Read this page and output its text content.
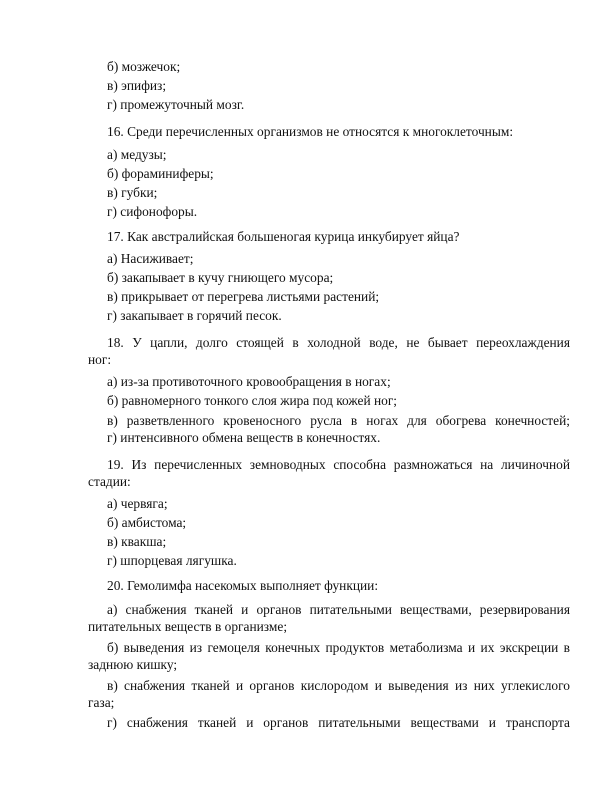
б) мозжечок;

в) эпифиз;

г) промежуточный мозг.

16. Среди перечисленных организмов не относятся к многоклеточным:

а) медузы;

б) фораминиферы;

в) губки;

г) сифонофоры.

17. Как австралийская большеногая курица инкубирует яйца?

а) Насиживает;

б) закапывает в кучу гниющего мусора;

в) прикрывает от перегрева листьями растений;

г) закапывает в горячий песок.

18. У цапли, долго стоящей в холодной воде, не бывает переохлаждения

ног:

а) из-за противоточного кровообращения в ногах;

б) равномерного тонкого слоя жира под кожей ног;

в) разветвленного кровеносного русла в ногах для обогрева конечностей;

г) интенсивного обмена веществ в конечностях.

19. Из перечисленных земноводных способна размножаться на личиночной

стадии:

а) червяга;

б) амбистома;

в) квакша;

г) шпорцевая лягушка.

20. Гемолимфа насекомых выполняет функции:

а) снабжения тканей и органов питательными веществами, резервирования

питательных веществ в организме;

б) выведения из гемоцеля конечных продуктов метаболизма и их экскреции в

заднюю кишку;

в) снабжения тканей и органов кислородом и выведения из них углекислого

газа;

г) снабжения тканей и органов питательными веществами и транспорта
